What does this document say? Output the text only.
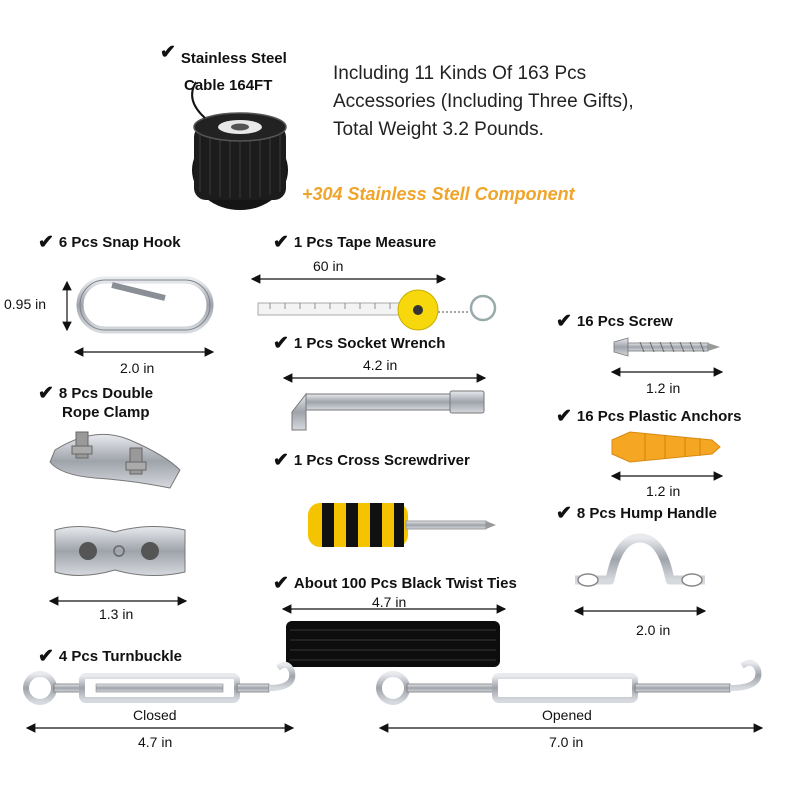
✔ Stainless Steel
Cable 164FT
Including 11 Kinds Of 163 Pcs Accessories (Including Three Gifts), Total Weight 3.2 Pounds.
+304 Stainless Stell Component
✔ 6 Pcs Snap Hook
0.95 in
2.0 in
✔ 1 Pcs Tape Measure
60 in
✔ 1 Pcs Socket Wrench
4.2 in
✔ 1 Pcs Cross Screwdriver
✔ About 100 Pcs Black Twist Ties
4.7 in
✔ 16 Pcs Screw
1.2 in
✔ 16 Pcs Plastic Anchors
1.2 in
✔ 8 Pcs Hump Handle
2.0 in
✔ 8 Pcs Double
Rope Clamp
1.3 in
✔ 4 Pcs Turnbuckle
Closed
4.7 in
Opened
7.0 in
